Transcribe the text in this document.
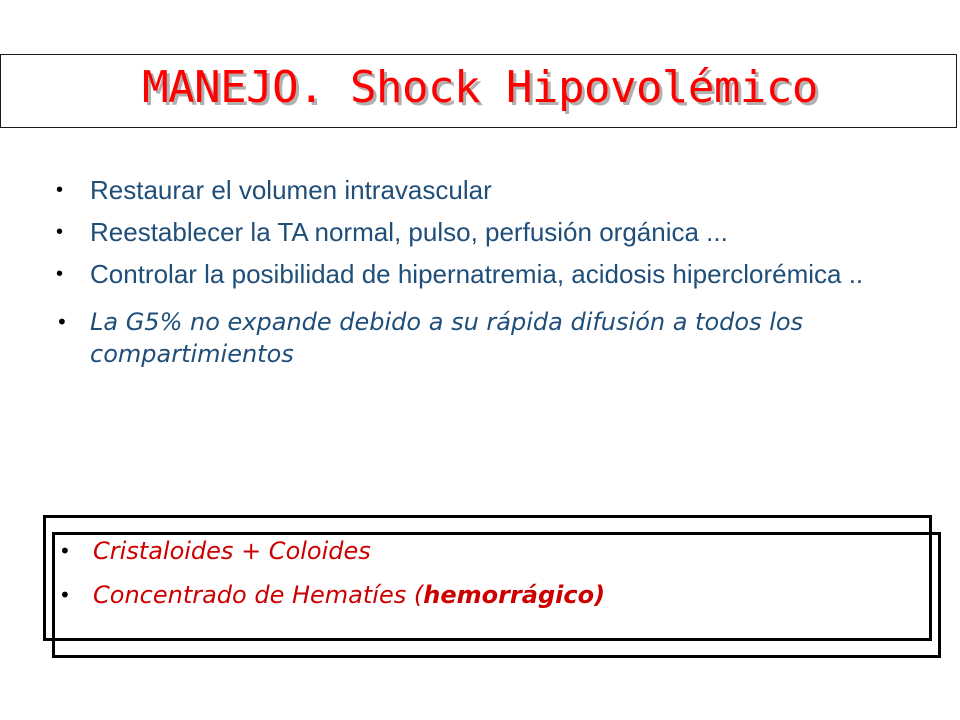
MANEJO. Shock Hipovolémico
• Restaurar el volumen intravascular
• Reestablecer la TA normal, pulso, perfusión orgánica ...
• Controlar la posibilidad de hipernatremia, acidosis hiperclorémica ..
• La G5% no expande debido a su rápida difusión a todos los compartimientos
• Cristaloides + Coloides
• Concentrado de Hematíes (hemorrágico)
